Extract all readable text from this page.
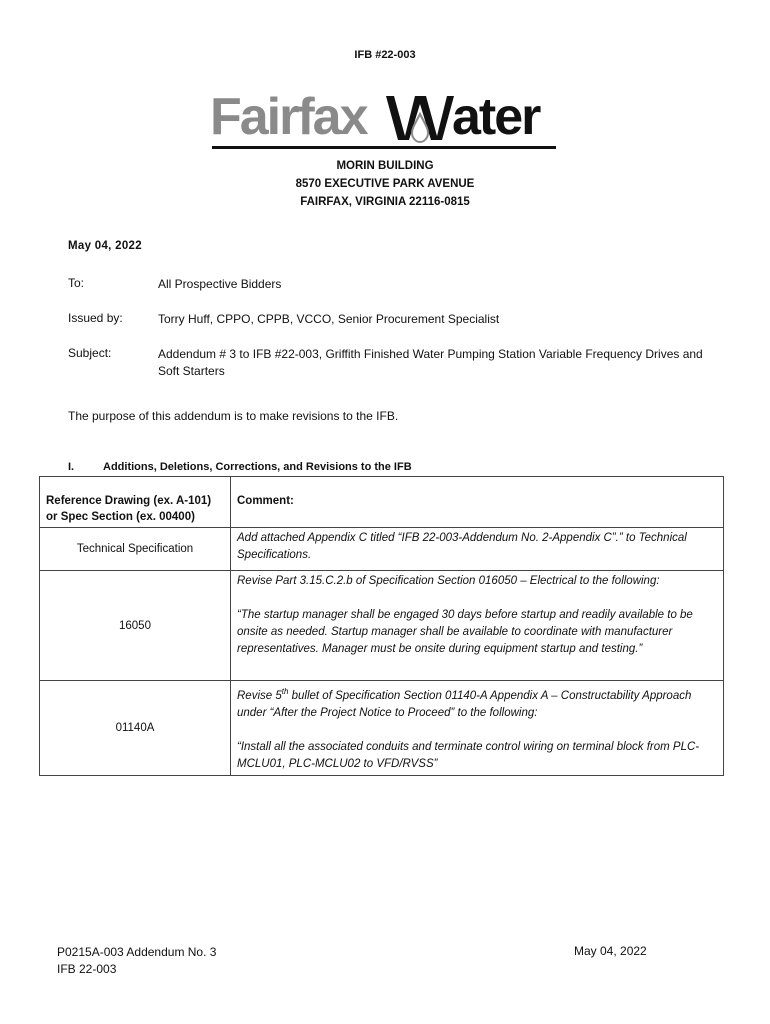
IFB #22-003
Fairfax ater
MORIN BUILDING
8570 EXECUTIVE PARK AVENUE
FAIRFAX, VIRGINIA 22116-0815
May 04, 2022
To:	All Prospective Bidders
Issued by:	Torry Huff, CPPO, CPPB, VCCO, Senior Procurement Specialist
Subject:	Addendum # 3 to IFB #22-003, Griffith Finished Water Pumping Station Variable Frequency Drives and Soft Starters
The purpose of this addendum is to make revisions to the IFB.
I.	Additions, Deletions, Corrections, and Revisions to the IFB
Reference Drawing (ex. A-101)
or Spec Section (ex. 00400)	Comment:
Technical Specification	Add attached Appendix C titled “IFB 22-003-Addendum No. 2-Appendix C”.” to Technical Specifications.
16050	Revise Part 3.15.C.2.b of Specification Section 016050 – Electrical to the following:

“The startup manager shall be engaged 30 days before startup and readily available to be onsite as needed. Startup manager shall be available to coordinate with manufacturer representatives. Manager must be onsite during equipment startup and testing.”

01140A	Revise 5th bullet of Specification Section 01140-A Appendix A – Constructability Approach under “After the Project Notice to Proceed” to the following:

“Install all the associated conduits and terminate control wiring on terminal block from PLC-MCLU01, PLC-MCLU02 to VFD/RVSS”

P0215A-003 Addendum No. 3
IFB 22-003
May 04, 2022
